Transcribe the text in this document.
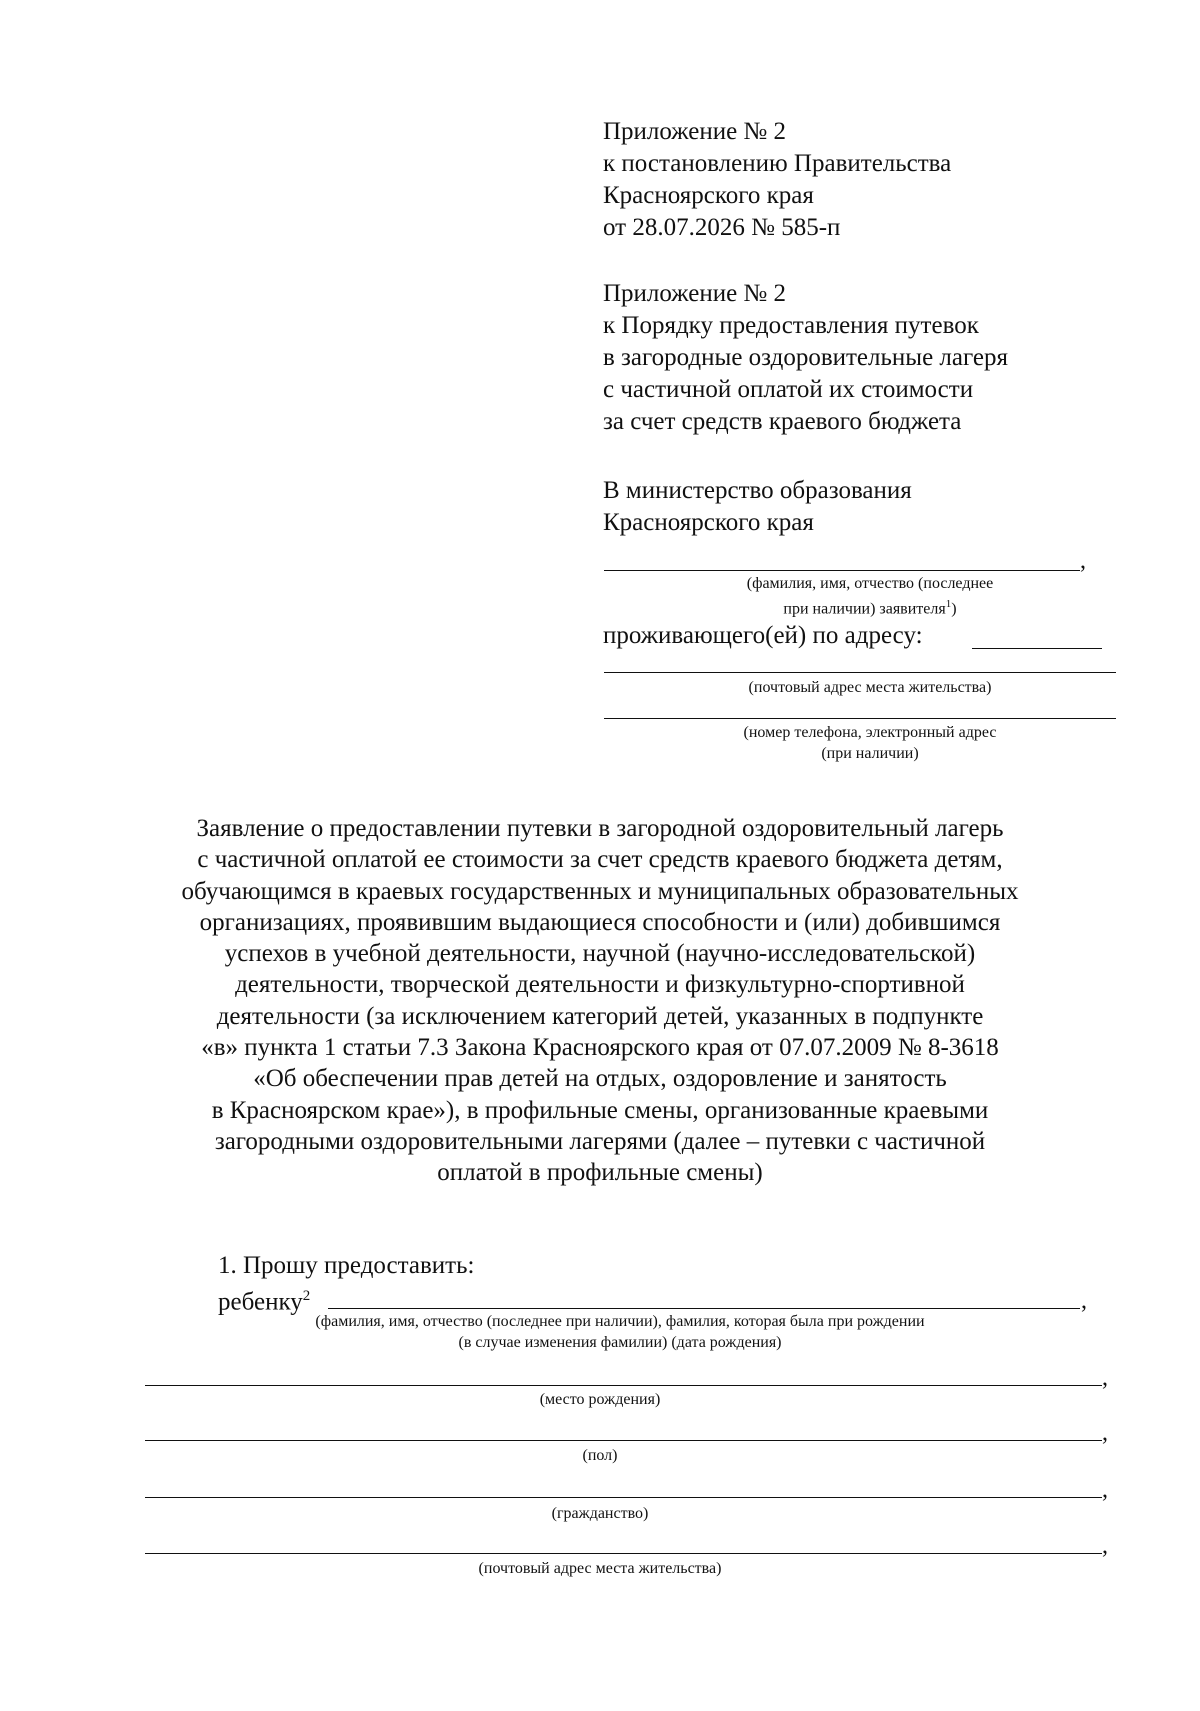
Приложение № 2
к постановлению Правительства
Красноярского края
от 28.07.2026 № 585-п
Приложение № 2
к Порядку предоставления путевок
в загородные оздоровительные лагеря
с частичной оплатой их стоимости
за счет средств краевого бюджета
В министерство образования
Красноярского края
,
(фамилия, имя, отчество (последнее
при наличии) заявителя$^1$)
проживающего(ей) по адресу:
(почтовый адрес места жительства)
(номер телефона, электронный адрес
(при наличии)
Заявление о предоставлении путевки в загородной оздоровительный лагерь
с частичной оплатой ее стоимости за счет средств краевого бюджета детям,
обучающимся в краевых государственных и муниципальных образовательных
организациях, проявившим выдающиеся способности и (или) добившимся
успехов в учебной деятельности, научной (научно-исследовательской)
деятельности, творческой деятельности и физкультурно-спортивной
деятельности (за исключением категорий детей, указанных в подпункте
«в» пункта 1 статьи 7.3 Закона Красноярского края от 07.07.2009 № 8-3618
«Об обеспечении прав детей на отдых, оздоровление и занятость
в Красноярском крае»), в профильные смены, организованные краевыми
загородными оздоровительными лагерями (далее – путевки с частичной
оплатой в профильные смены)
1. Прошу предоставить:
ребенку$^2$	,
(фамилия, имя, отчество (последнее при наличии), фамилия, которая была при рождении
(в случае изменения фамилии) (дата рождения)
,
(место рождения)
,
(пол)
,
(гражданство)
,
(почтовый адрес места жительства)
